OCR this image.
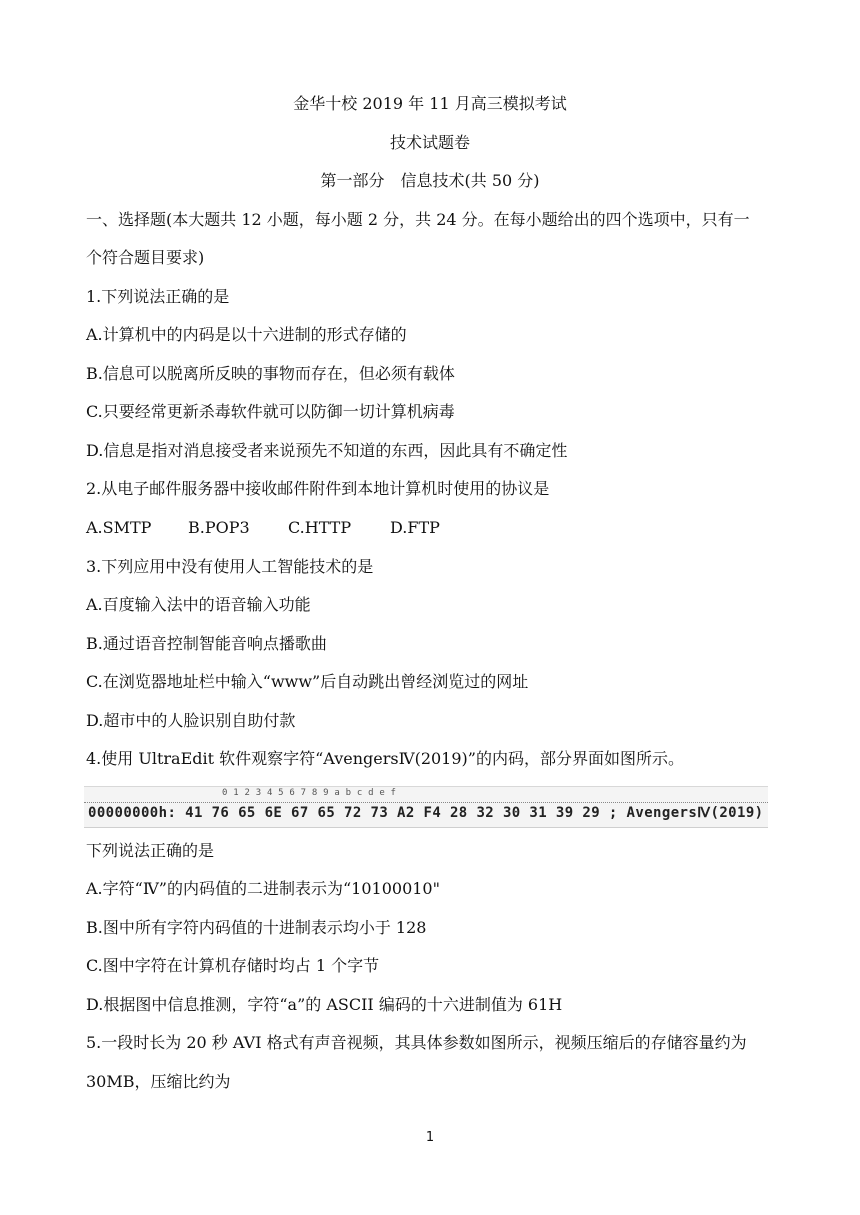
金华十校 2019 年 11 月高三模拟考试
技术试题卷
第一部分　信息技术(共 50 分)
一、选择题(本大题共 12 小题，每小题 2 分，共 24 分。在每小题给出的四个选项中，只有一
个符合题目要求)
1.下列说法正确的是
A.计算机中的内码是以十六进制的形式存储的
B.信息可以脱离所反映的事物而存在，但必须有载体
C.只要经常更新杀毒软件就可以防御一切计算机病毒
D.信息是指对消息接受者来说预先不知道的东西，因此具有不确定性
2.从电子邮件服务器中接收邮件附件到本地计算机时使用的协议是
A.SMTP	B.POP3	C.HTTP	D.FTP
3.下列应用中没有使用人工智能技术的是
A.百度输入法中的语音输入功能
B.通过语音控制智能音响点播歌曲
C.在浏览器地址栏中输入“www”后自动跳出曾经浏览过的网址
D.超市中的人脸识别自助付款
4.使用 UltraEdit 软件观察字符“AvengersⅣ(2019)”的内码，部分界面如图所示。
0 1 2 3 4 5 6 7 8 9 a b c d e f
00000000h: 41 76 65 6E 67 65 72 73 A2 F4 28 32 30 31 39 29 ; AvengersⅣ(2019)
下列说法正确的是
A.字符“Ⅳ”的内码值的二进制表示为“10100010"
B.图中所有字符内码值的十进制表示均小于 128
C.图中字符在计算机存储时均占 1 个字节
D.根据图中信息推测，字符“a”的 ASCII 编码的十六进制值为 61H
5.一段时长为 20 秒 AVI 格式有声音视频，其具体参数如图所示，视频压缩后的存储容量约为
30MB，压缩比约为
1
